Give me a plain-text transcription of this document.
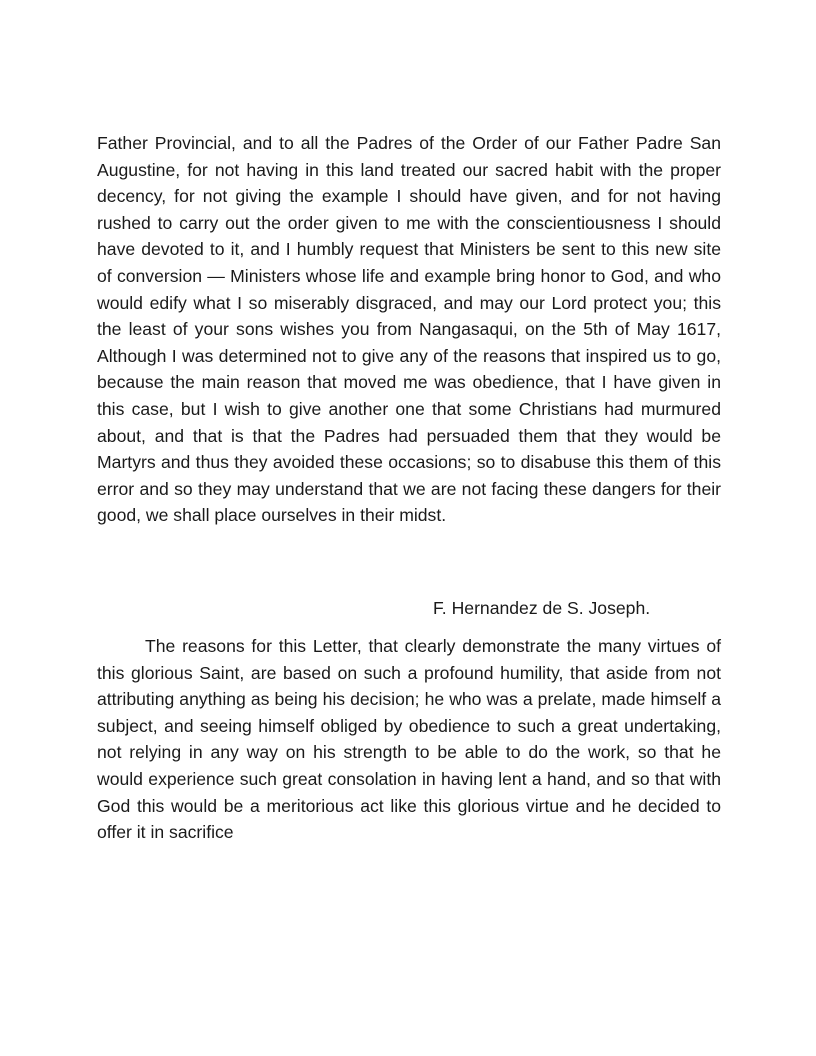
Father Provincial, and to all the Padres of the Order of our Father Padre San Augustine, for not having in this land treated our sacred habit with the proper decency, for not giving the example I should have given, and for not having rushed to carry out the order given to me with the conscientiousness I should have devoted to it, and I humbly request that Ministers be sent to this new site of conversion — Ministers whose life and example bring honor to God, and who would edify what I so miserably disgraced, and may our Lord protect you; this the least of your sons wishes you from Nangasaqui, on the 5th of May 1617, Although I was determined not to give any of the reasons that inspired us to go, because the main reason that moved me was obedience, that I have given in this case, but I wish to give another one that some Christians had murmured about, and that is that the Padres had persuaded them that they would be Martyrs and thus they avoided these occasions; so to disabuse this them of this error and so they may understand that we are not facing these dangers for their good, we shall place ourselves in their midst.

F. Hernandez de S. Joseph.

The reasons for this Letter, that clearly demonstrate the many virtues of this glorious Saint, are based on such a profound humility, that aside from not attributing anything as being his decision; he who was a prelate, made himself a subject, and seeing himself obliged by obedience to such a great undertaking, not relying in any way on his strength to be able to do the work, so that he would experience such great consolation in having lent a hand, and so that with God this would be a meritorious act like this glorious virtue and he decided to offer it in sacrifice
